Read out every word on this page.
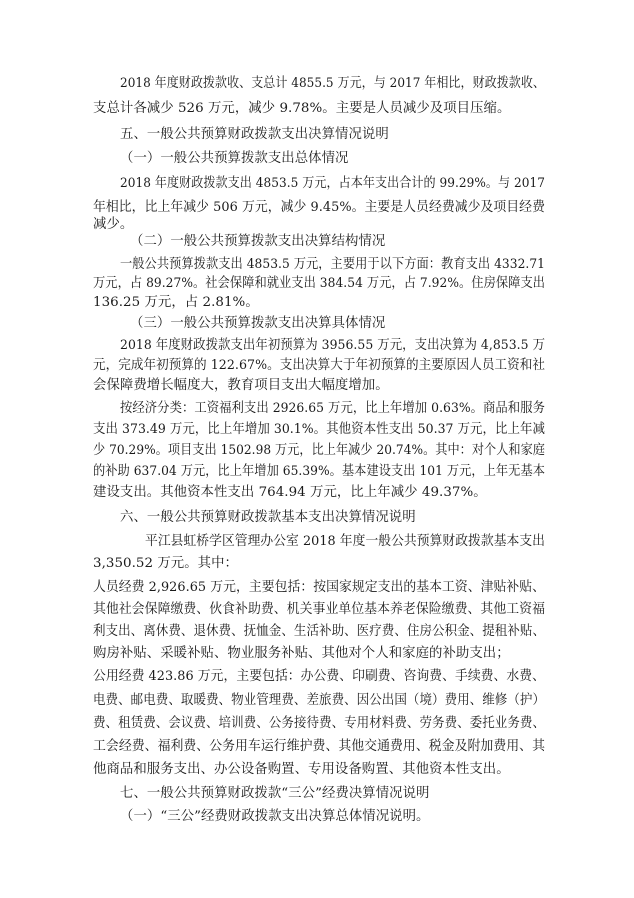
2018 年度财政拨款收、支总计 4855.5 万元，与 2017 年相比，财政拨款收、
支总计各减少 526 万元，减少 9.78%。主要是人员减少及项目压缩。
五、一般公共预算财政拨款支出决算情况说明
（一）一般公共预算拨款支出总体情况
2018 年度财政拨款支出 4853.5 万元，占本年支出合计的 99.29%。与 2017
年相比，比上年减少 506 万元，减少 9.45%。主要是人员经费减少及项目经费
减少。
（二）一般公共预算拨款支出决算结构情况
一般公共预算拨款支出 4853.5 万元，主要用于以下方面：教育支出 4332.71
万元，占 89.27%。社会保障和就业支出 384.54 万元，占 7.92%。住房保障支出
136.25 万元，占 2.81%。
（三）一般公共预算拨款支出决算具体情况
2018 年度财政拨款支出年初预算为 3956.55 万元，支出决算为 4,853.5 万
元，完成年初预算的 122.67%。支出决算大于年初预算的主要原因人员工资和社
会保障费增长幅度大，教育项目支出大幅度增加。
按经济分类：工资福利支出 2926.65 万元，比上年增加 0.63%。商品和服务
支出 373.49 万元，比上年增加 30.1%。其他资本性支出 50.37 万元，比上年减
少 70.29%。项目支出 1502.98 万元，比上年减少 20.74%。其中：对个人和家庭
的补助 637.04 万元，比上年增加 65.39%。基本建设支出 101 万元，上年无基本
建设支出。其他资本性支出 764.94 万元，比上年减少 49.37%。
六、一般公共预算财政拨款基本支出决算情况说明
平江县虹桥学区管理办公室 2018 年度一般公共预算财政拨款基本支出
3,350.52 万元。其中：
人员经费 2,926.65 万元，主要包括：按国家规定支出的基本工资、津贴补贴、
其他社会保障缴费、伙食补助费、机关事业单位基本养老保险缴费、其他工资福
利支出、离休费、退休费、抚恤金、生活补助、医疗费、住房公积金、提租补贴、
购房补贴、采暖补贴、物业服务补贴、其他对个人和家庭的补助支出；
公用经费 423.86 万元，主要包括：办公费、印刷费、咨询费、手续费、水费、
电费、邮电费、取暖费、物业管理费、差旅费、因公出国（境）费用、维修（护）
费、租赁费、会议费、培训费、公务接待费、专用材料费、劳务费、委托业务费、
工会经费、福利费、公务用车运行维护费、其他交通费用、税金及附加费用、其
他商品和服务支出、办公设备购置、专用设备购置、其他资本性支出。
七、一般公共预算财政拨款“三公”经费决算情况说明
（一）“三公”经费财政拨款支出决算总体情况说明。
